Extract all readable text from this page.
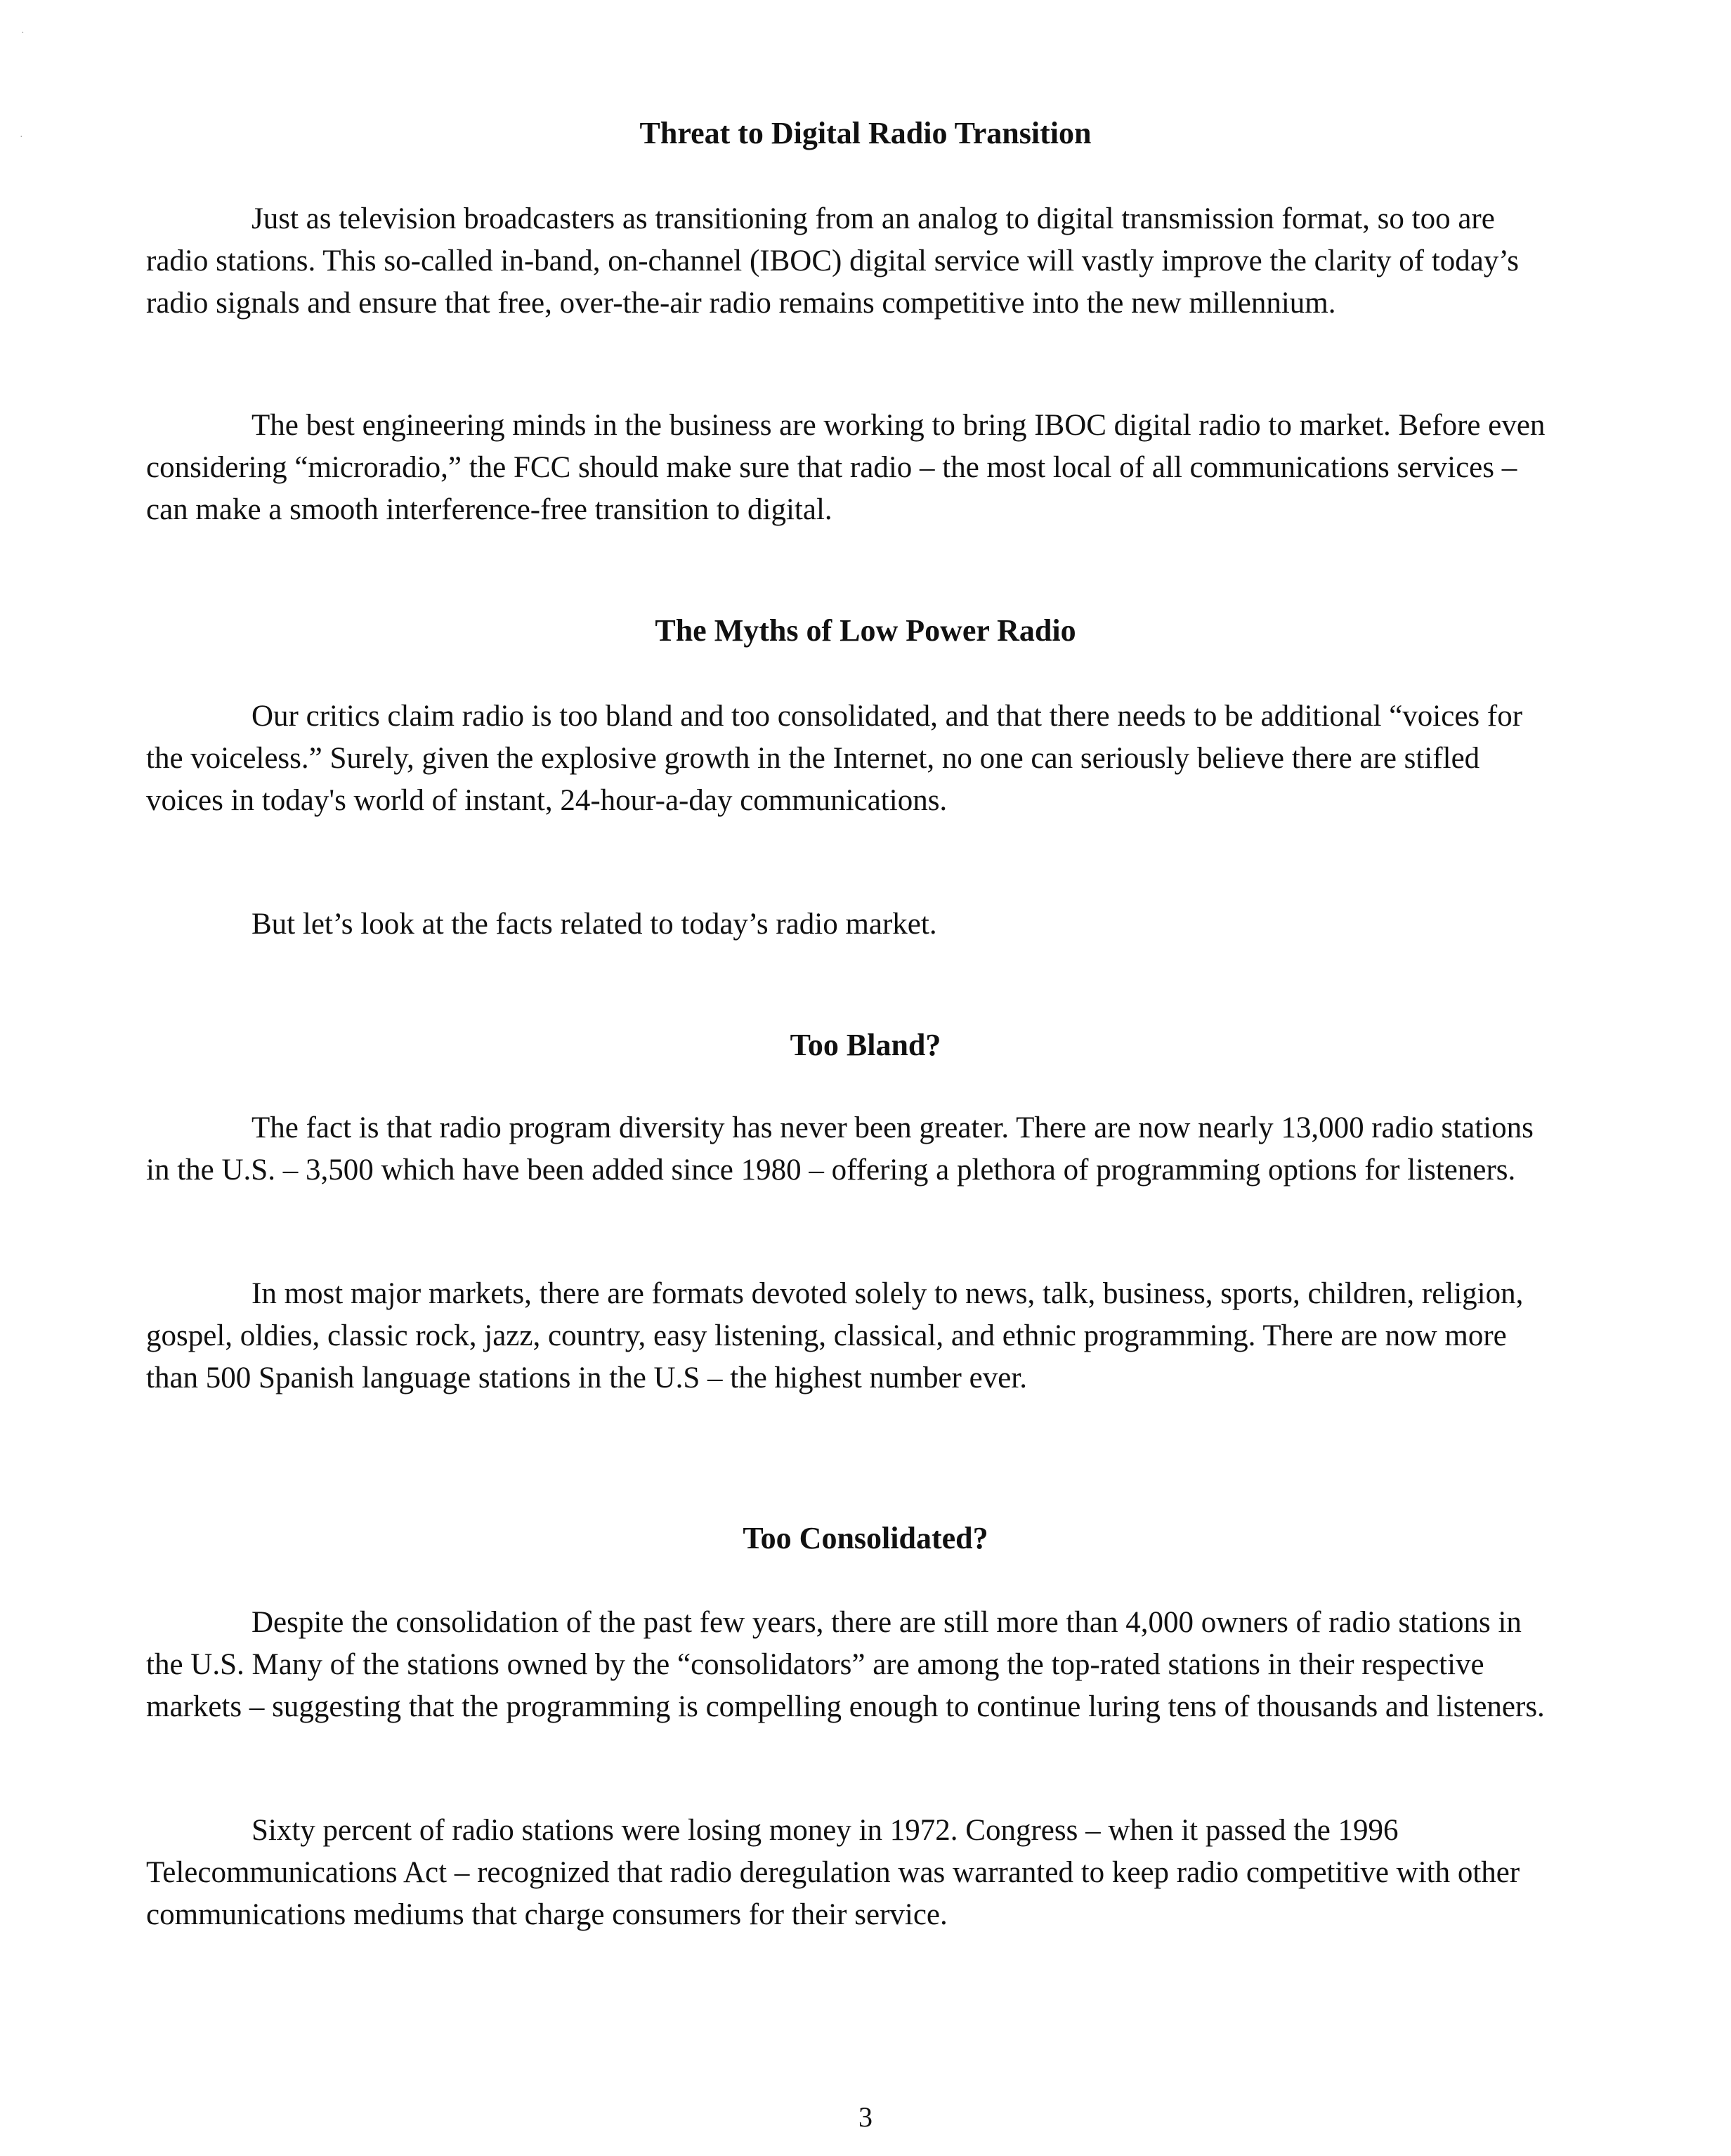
·
·	Threat to Digital Radio Transition

Just as television broadcasters as transitioning from an analog to digital transmission format, so too are radio stations. This so-called in-band, on-channel (IBOC) digital service will vastly improve the clarity of today’s radio signals and ensure that free, over-the-air radio remains competitive into the new millennium.

The best engineering minds in the business are working to bring IBOC digital radio to market. Before even considering “microradio,” the FCC should make sure that radio – the most local of all communications services – can make a smooth interference-free transition to digital.

The Myths of Low Power Radio

Our critics claim radio is too bland and too consolidated, and that there needs to be additional “voices for the voiceless.” Surely, given the explosive growth in the Internet, no one can seriously believe there are stifled voices in today's world of instant, 24-hour-a-day communications.

But let’s look at the facts related to today’s radio market.

Too Bland?

The fact is that radio program diversity has never been greater. There are now nearly 13,000 radio stations in the U.S. – 3,500 which have been added since 1980 – offering a plethora of programming options for listeners.

In most major markets, there are formats devoted solely to news, talk, business, sports, children, religion, gospel, oldies, classic rock, jazz, country, easy listening, classical, and ethnic programming. There are now more than 500 Spanish language stations in the U.S – the highest number ever.

Too Consolidated?

Despite the consolidation of the past few years, there are still more than 4,000 owners of radio stations in the U.S. Many of the stations owned by the “consolidators” are among the top-rated stations in their respective markets – suggesting that the programming is compelling enough to continue luring tens of thousands and listeners.

Sixty percent of radio stations were losing money in 1972. Congress – when it passed the 1996 Telecommunications Act – recognized that radio deregulation was warranted to keep radio competitive with other communications mediums that charge consumers for their service.

3
